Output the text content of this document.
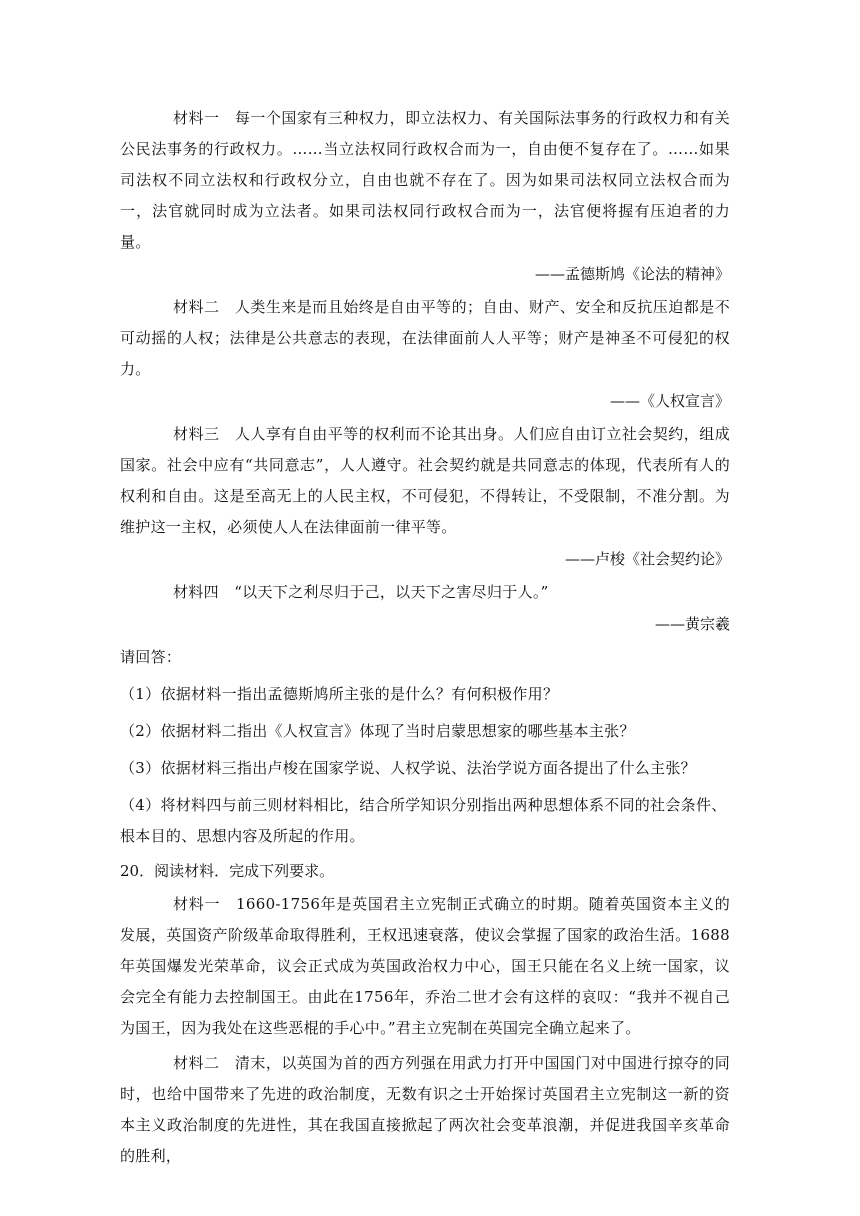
材料一　每一个国家有三种权力，即立法权力、有关国际法事务的行政权力和有关公民法事务的行政权力。……当立法权同行政权合而为一，自由便不复存在了。……如果司法权不同立法权和行政权分立，自由也就不存在了。因为如果司法权同立法权合而为一，法官就同时成为立法者。如果司法权同行政权合而为一，法官便将握有压迫者的力量。

——孟德斯鸠《论法的精神》

材料二　人类生来是而且始终是自由平等的；自由、财产、安全和反抗压迫都是不可动摇的人权；法律是公共意志的表现，在法律面前人人平等；财产是神圣不可侵犯的权力。

——《人权宣言》

材料三　人人享有自由平等的权利而不论其出身。人们应自由订立社会契约，组成国家。社会中应有“共同意志”，人人遵守。社会契约就是共同意志的体现，代表所有人的权利和自由。这是至高无上的人民主权，不可侵犯，不得转让，不受限制，不准分割。为维护这一主权，必须使人人在法律面前一律平等。

——卢梭《社会契约论》

材料四　“以天下之利尽归于己，以天下之害尽归于人。”

——黄宗羲

请回答：

（1）依据材料一指出孟德斯鸠所主张的是什么？有何积极作用？

（2）依据材料二指出《人权宣言》体现了当时启蒙思想家的哪些基本主张？

（3）依据材料三指出卢梭在国家学说、人权学说、法治学说方面各提出了什么主张？

（4）将材料四与前三则材料相比，结合所学知识分别指出两种思想体系不同的社会条件、根本目的、思想内容及所起的作用。

20．阅读材料．完成下列要求。

材料一　1660-1756年是英国君主立宪制正式确立的时期。随着英国资本主义的发展，英国资产阶级革命取得胜利，王权迅速衰落，使议会掌握了国家的政治生活。1688年英国爆发光荣革命，议会正式成为英国政治权力中心，国王只能在名义上统一国家，议会完全有能力去控制国王。由此在1756年，乔治二世才会有这样的哀叹：“我并不视自己为国王，因为我处在这些恶棍的手心中。”君主立宪制在英国完全确立起来了。

材料二　清末，以英国为首的西方列强在用武力打开中国国门对中国进行掠夺的同时，也给中国带来了先进的政治制度，无数有识之士开始探讨英国君主立宪制这一新的资本主义政治制度的先进性，其在我国直接掀起了两次社会变革浪潮，并促进我国辛亥革命的胜利，
